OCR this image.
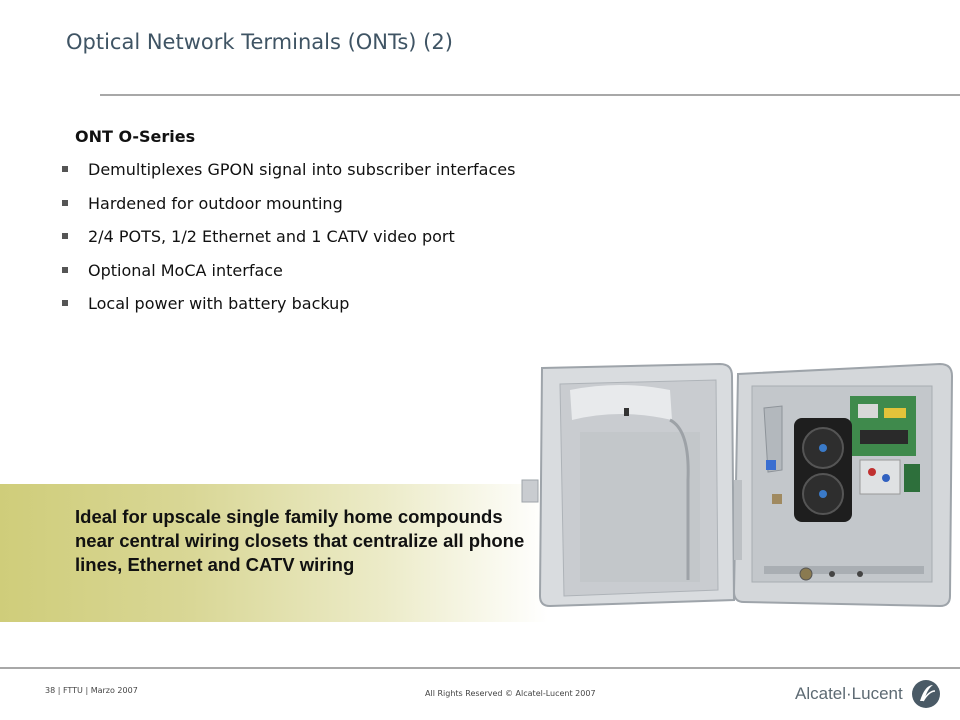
Optical Network Terminals (ONTs) (2)
ONT O-Series
Demultiplexes GPON signal into subscriber interfaces
Hardened for outdoor mounting
2/4 POTS, 1/2 Ethernet and 1 CATV video port
Optional MoCA interface
Local power with battery backup
Ideal for upscale single family home compounds near central wiring closets that centralize all phone lines, Ethernet and CATV wiring
38 | FTTU | Marzo 2007	All Rights Reserved © Alcatel-Lucent 2007	Alcatel·Lucent
